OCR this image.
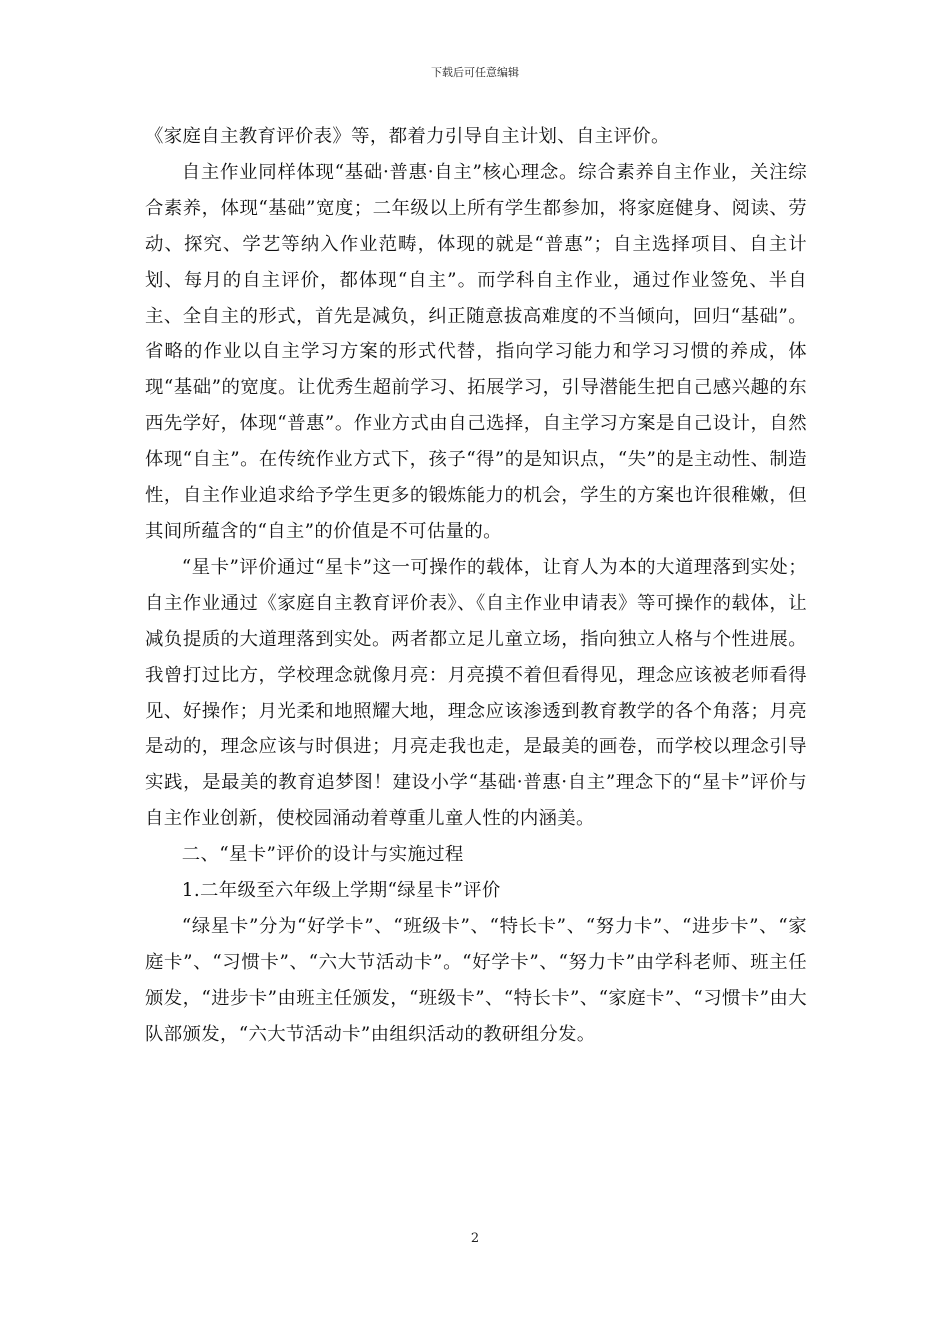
下载后可任意编辑

《家庭自主教育评价表》等，都着力引导自主计划、自主评价。

自主作业同样体现“基础·普惠·自主”核心理念。综合素养自主作业，关注综合素养，体现“基础”宽度；二年级以上所有学生都参加，将家庭健身、阅读、劳动、探究、学艺等纳入作业范畴，体现的就是“普惠”；自主选择项目、自主计划、每月的自主评价，都体现“自主”。而学科自主作业，通过作业签免、半自主、全自主的形式，首先是减负，纠正随意拔高难度的不当倾向，回归“基础”。省略的作业以自主学习方案的形式代替，指向学习能力和学习习惯的养成，体现“基础”的宽度。让优秀生超前学习、拓展学习，引导潜能生把自己感兴趣的东西先学好，体现“普惠”。作业方式由自己选择，自主学习方案是自己设计，自然体现“自主”。在传统作业方式下，孩子“得”的是知识点，“失”的是主动性、制造性，自主作业追求给予学生更多的锻炼能力的机会，学生的方案也许很稚嫩，但其间所蕴含的“自主”的价值是不可估量的。

“星卡”评价通过“星卡”这一可操作的载体，让育人为本的大道理落到实处；自主作业通过《家庭自主教育评价表》、《自主作业申请表》等可操作的载体，让减负提质的大道理落到实处。两者都立足儿童立场，指向独立人格与个性进展。我曾打过比方，学校理念就像月亮：月亮摸不着但看得见，理念应该被老师看得见、好操作；月光柔和地照耀大地，理念应该渗透到教育教学的各个角落；月亮是动的，理念应该与时俱进；月亮走我也走，是最美的画卷，而学校以理念引导实践，是最美的教育追梦图！建设小学“基础·普惠·自主”理念下的“星卡”评价与自主作业创新，使校园涌动着尊重儿童人性的内涵美。

二、“星卡”评价的设计与实施过程

1.二年级至六年级上学期“绿星卡”评价

“绿星卡”分为“好学卡”、“班级卡”、“特长卡”、“努力卡”、“进步卡”、“家庭卡”、“习惯卡”、“六大节活动卡”。“好学卡”、“努力卡”由学科老师、班主任颁发，“进步卡”由班主任颁发，“班级卡”、“特长卡”、“家庭卡”、“习惯卡”由大队部颁发，“六大节活动卡”由组织活动的教研组分发。

2
